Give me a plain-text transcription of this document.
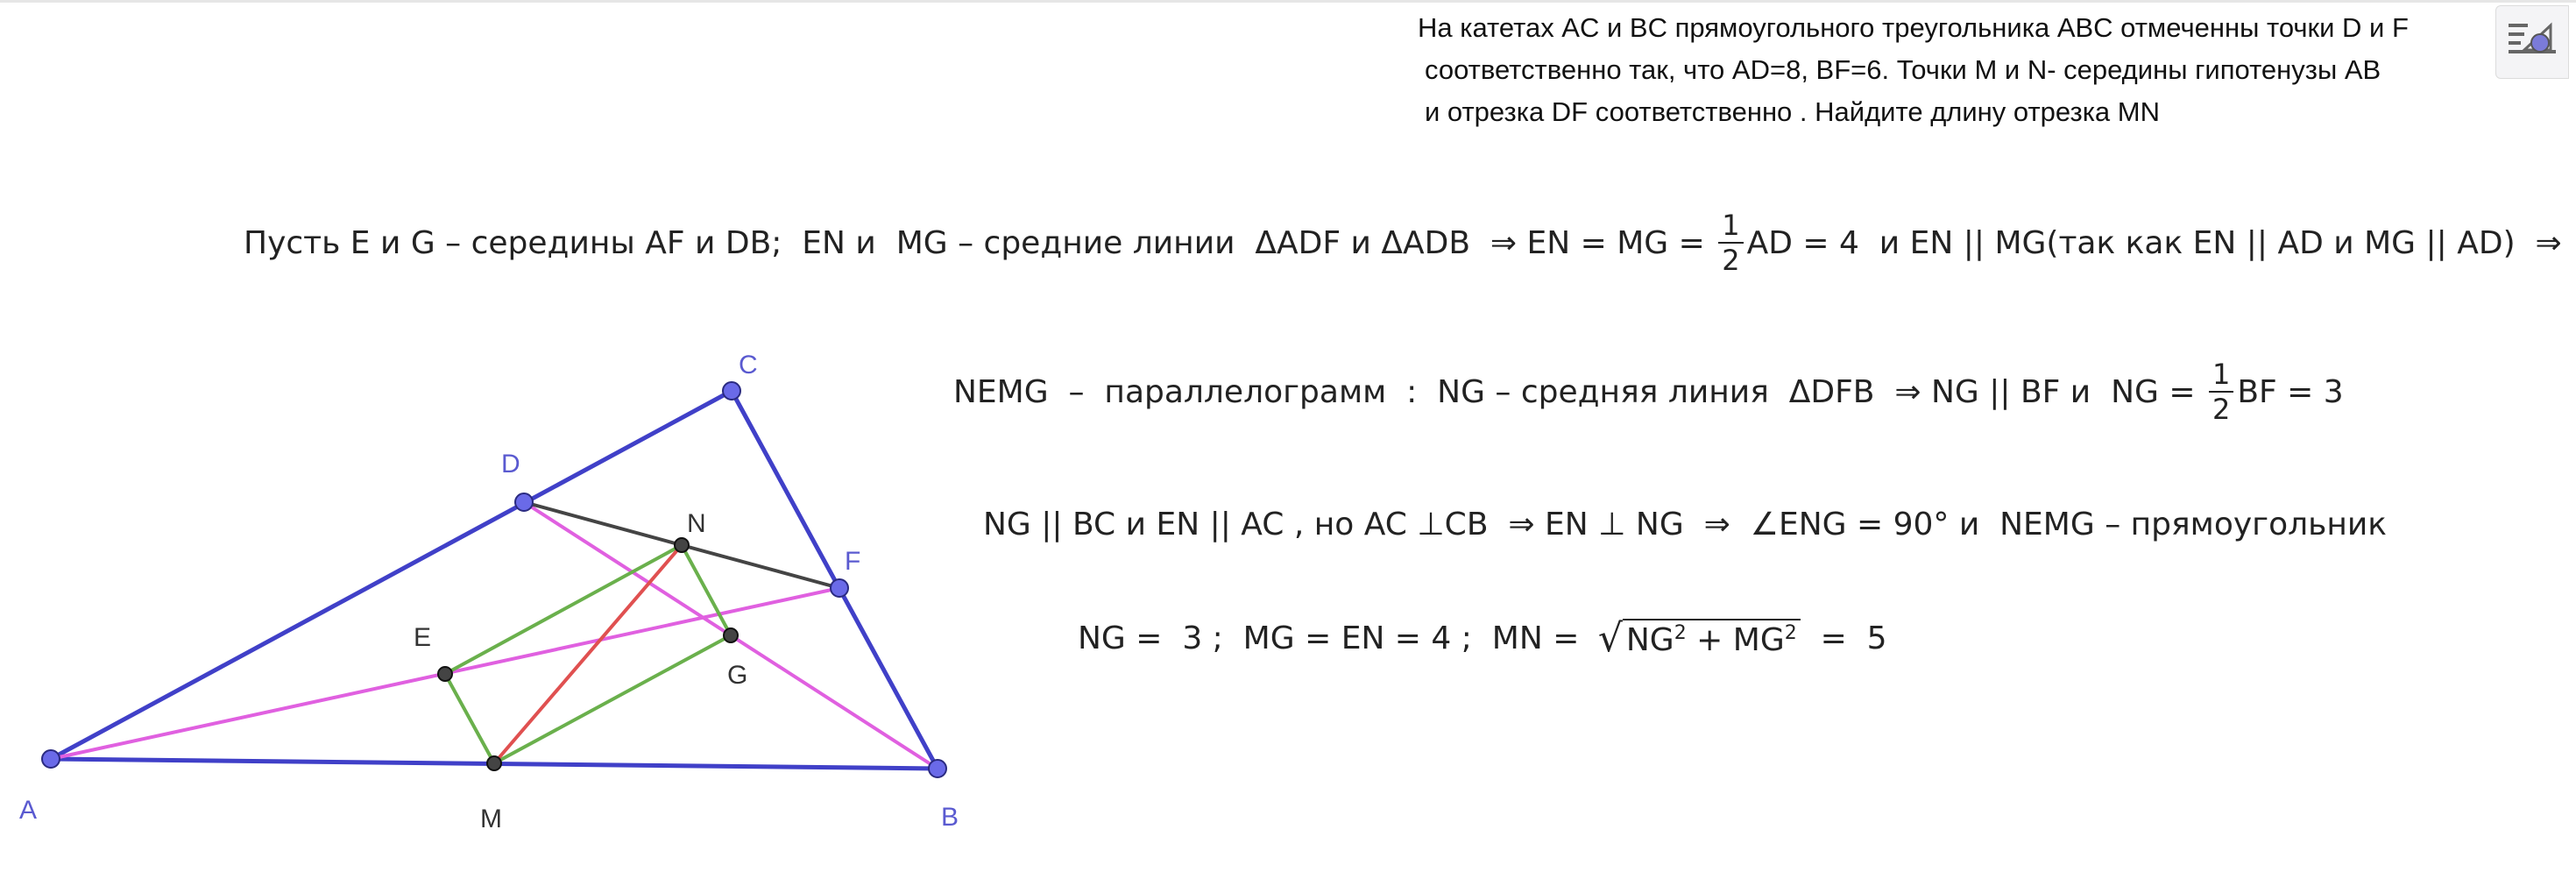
На катетах AC и BC прямоугольного треугольника ABC отмеченны точки D и F
соответственно так, что AD=8, BF=6. Точки M и N- середины гипотенузы AB
и отрезка DF соответственно . Найдите длину отрезка MN
Пусть E и G – середины AF и DB;  EN и  MG – средние линии  ΔADF и ΔADB  ⇒ EN = MG = $\frac{1}{2}$ AD = 4  и EN || MG(так как EN || AD и MG || AD)  ⇒
NEMG  –  параллелограмм  :  NG – средняя линия  ΔDFB  ⇒ NG || BF и  NG = $\frac{1}{2}$ BF = 3
NG || BC и EN || AC , но AC ⊥CB  ⇒ EN ⊥ NG  ⇒  ∠ENG = 90° и  NEMG – прямоугольник
NG =  3 ;  MG = EN = 4 ;  MN = √ $NG^2 + MG^2 = 5$
A	B
C
D
F
N
E
G
M
